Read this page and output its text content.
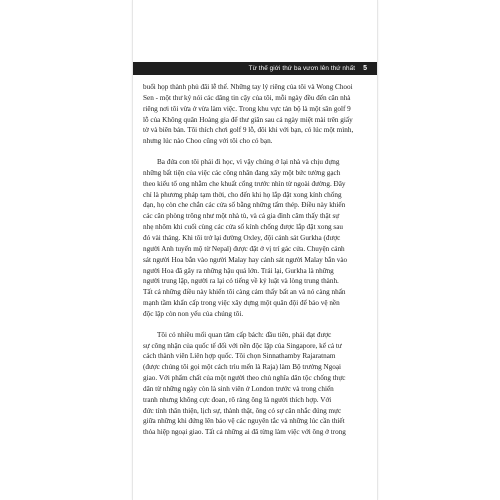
Từ thế giới thứ ba vươn lên thứ nhất 5
buổi họp thành phủ đãi lễ thế. Những tay lý riêng của tôi và Wong Chooi
Sen - một thư ký nói các dâng tin cậy của tôi, mỗi ngày đều đến căn nhà
riêng nơi tôi vừa ở vừa làm việc. Trong khu vực tản bộ là một sân golf 9
lỗ của Không quân Hoàng gia để thư giãn sau cả ngày miệt mài trên giấy
tờ và biên bản. Tôi thích chơi golf 9 lỗ, đôi khi với bạn, có lúc một mình,
nhưng lúc nào Choo cũng với tôi cho có bạn.
Ba đứa con tôi phải đi học, vì vậy chúng ở lại nhà và chịu đựng
những bất tiện của việc các công nhân đang xây một bức tường gạch
theo kiểu tổ ong nhằm che khuất cổng trước nhìn từ ngoài đường. Đây
chỉ là phương pháp tạm thời, cho đến khi họ lắp đặt xong kính chống
đạn, họ còn che chắn các cửa sổ bằng những tấm thép. Điều này khiến
các căn phòng trông như một nhà tù, và cả gia đình căm thấy thật sự
nhẹ nhõm khi cuối cùng các cửa sổ kính chống được lắp đặt xong sau
đó vài tháng. Khi tôi trở lại đường Oxley, đội cảnh sát Gurkha (được
người Anh tuyển mộ từ Nepal) được đặt ở vị trí gác cửa. Chuyện cảnh
sát người Hoa bắn vào người Malay hay cảnh sát người Malay bắn vào
người Hoa đã gây ra những hậu quả lớn. Trái lại, Gurkha là những
người trung lập, người ra lại có tiếng về kỷ luật và lòng trung thành.
Tất cả những điều này khiến tôi càng cảm thấy bất an và nó càng nhấn
mạnh tầm khẩn cấp trong việc xây dựng một quân đội để bảo vệ nền
độc lập còn non yếu của chúng tôi.
Tôi có nhiều mối quan tâm cấp bách: đầu tiên, phải đạt được
sự công nhận của quốc tế đối với nền độc lập của Singapore, kể cả tư
cách thành viên Liên hợp quốc. Tôi chọn Sinnathamby Rajaratnam
(được chúng tôi gọi một cách trìu mến là Raja) làm Bộ trưởng Ngoại
giao. Với phẩm chất của một người theo chủ nghĩa dân tộc chống thực
dân từ những ngày còn là sinh viên ở London trước và trong chiến
tranh nhưng không cực đoan, rõ ràng ông là người thích hợp. Với
đức tính thân thiện, lịch sự, thành thật, ông có sự cân nhắc đúng mực
giữa những khi đứng lên bảo vệ các nguyên tắc và những lúc cần thiết
thỏa hiệp ngoại giao. Tất cả những ai đã từng làm việc với ông ở trong
